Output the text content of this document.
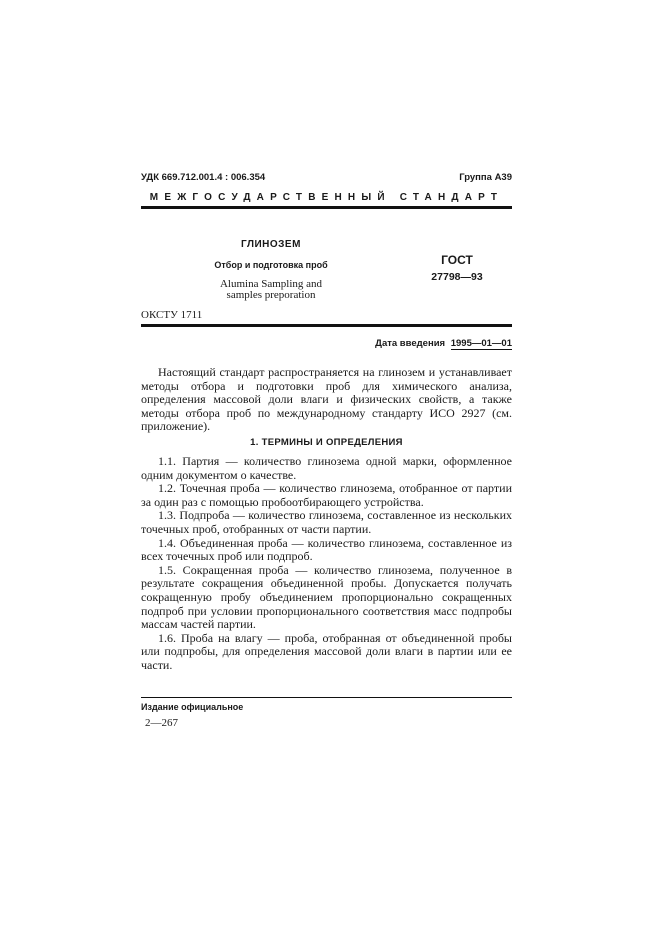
УДК 669.712.001.4 : 006.354	Группа А39
МЕЖГОСУДАРСТВЕННЫЙ СТАНДАРТ
ГЛИНОЗЕМ
Отбор и подготовка проб
Alumina Sampling and
samples preporation
ГОСТ
27798—93
ОКСТУ 1711
Дата введения 1995—01—01

Настоящий стандарт распространяется на глинозем и устанавливает методы отбора и подготовки проб для химического анализа, определения массовой доли влаги и физических свойств, а также методы отбора проб по международному стандарту ИСО 2927 (см. приложение).

1. ТЕРМИНЫ И ОПРЕДЕЛЕНИЯ

1.1. Партия — количество глинозема одной марки, оформленное одним документом о качестве.

1.2. Точечная проба — количество глинозема, отобранное от партии за один раз с помощью пробоотбирающего устройства.

1.3. Подпроба — количество глинозема, составленное из нескольких точечных проб, отобранных от части партии.

1.4. Объединенная проба — количество глинозема, составленное из всех точечных проб или подпроб.

1.5. Сокращенная проба — количество глинозема, полученное в результате сокращения объединенной пробы. Допускается получать сокращенную пробу объединением пропорционально сокращенных подпроб при условии пропорционального соответствия масс подпробы массам частей партии.

1.6. Проба на влагу — проба, отобранная от объединенной пробы или подпробы, для определения массовой доли влаги в партии или ее части.

Издание официальное
2—267
